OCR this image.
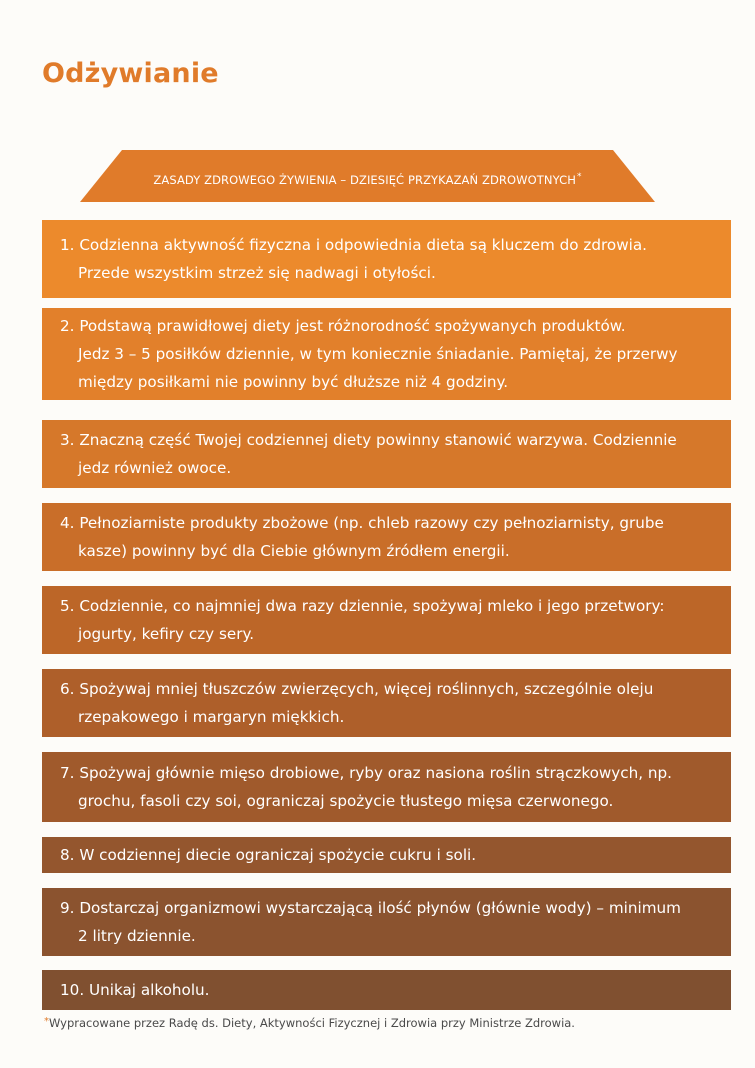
Odżywianie
ZASADY ZDROWEGO ŻYWIENIA – DZIESIĘĆ PRZYKAZAŃ ZDROWOTNYCH*
1. Codzienna aktywność fizyczna i odpowiednia dieta są kluczem do zdrowia.
Przede wszystkim strzeż się nadwagi i otyłości.
2. Podstawą prawidłowej diety jest różnorodność spożywanych produktów.
Jedz 3 – 5 posiłków dziennie, w tym koniecznie śniadanie. Pamiętaj, że przerwy
między posiłkami nie powinny być dłuższe niż 4 godziny.
3. Znaczną część Twojej codziennej diety powinny stanowić warzywa. Codziennie
jedz również owoce.
4. Pełnoziarniste produkty zbożowe (np. chleb razowy czy pełnoziarnisty, grube
kasze) powinny być dla Ciebie głównym źródłem energii.
5. Codziennie, co najmniej dwa razy dziennie, spożywaj mleko i jego przetwory:
jogurty, kefiry czy sery.
6. Spożywaj mniej tłuszczów zwierzęcych, więcej roślinnych, szczególnie oleju
rzepakowego i margaryn miękkich.
7. Spożywaj głównie mięso drobiowe, ryby oraz nasiona roślin strączkowych, np.
grochu, fasoli czy soi, ograniczaj spożycie tłustego mięsa czerwonego.
8. W codziennej diecie ograniczaj spożycie cukru i soli.
9. Dostarczaj organizmowi wystarczającą ilość płynów (głównie wody) – minimum
2 litry dziennie.
10. Unikaj alkoholu.
*Wypracowane przez Radę ds. Diety, Aktywności Fizycznej i Zdrowia przy Ministrze Zdrowia.
